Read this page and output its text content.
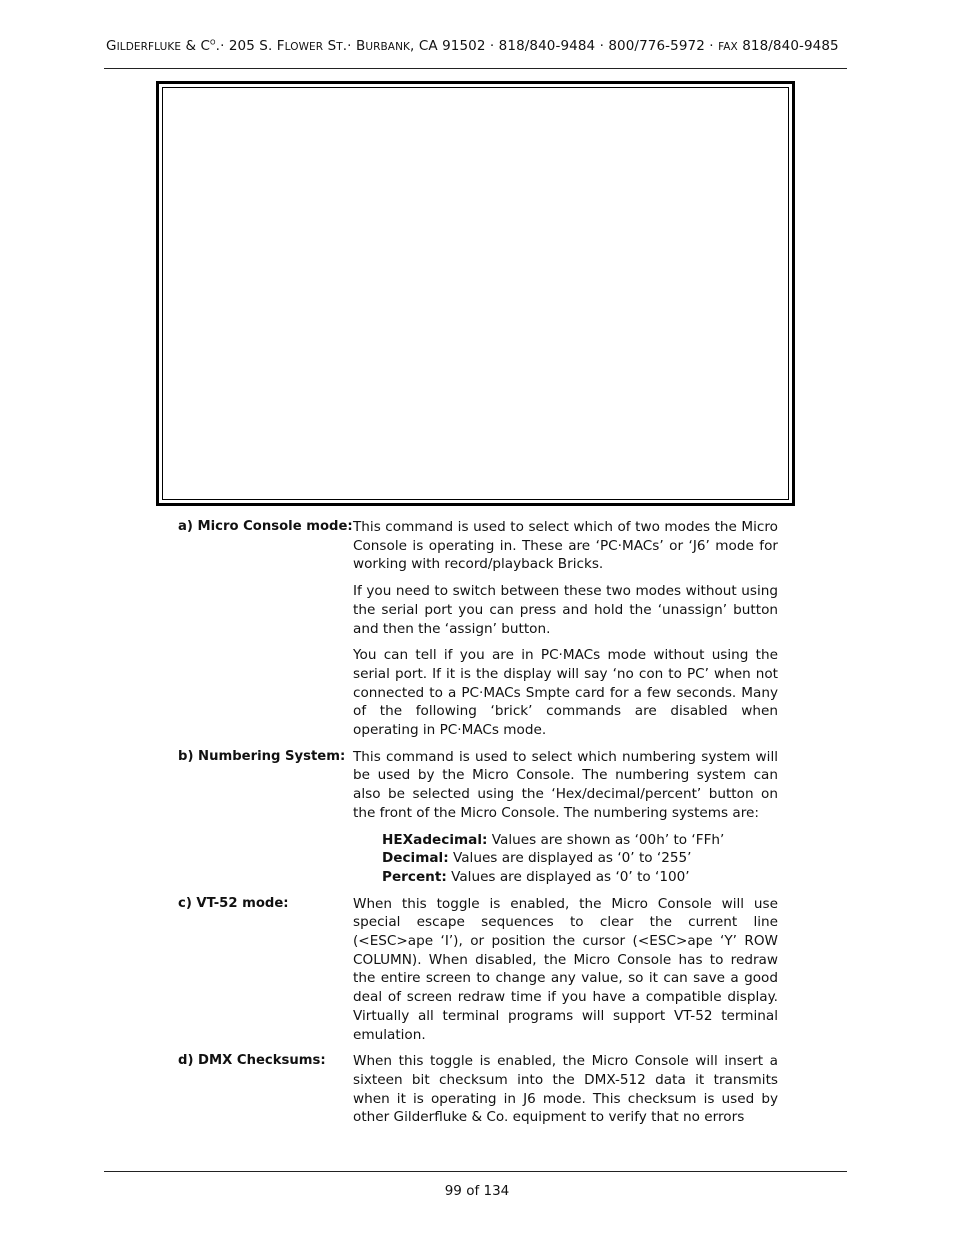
GILDERFLUKE & $C^O.\cdot 205$ S. FLOWER ST.· BURBANK, CA 91502 · 818/840-9484 · 800/776-5972 · FAX 818/840-9485
a) Micro Console mode: This command is used to select which of two modes the Micro Console is operating in. These are ‘PC·MACs’ or ‘J6’ mode for working with record/playback Bricks.

If you need to switch between these two modes without using the serial port you can press and hold the ‘unassign’ button and then the ‘assign’ button.

You can tell if you are in PC·MACs mode without using the serial port. If it is the display will say ‘no con to PC’ when not connected to a PC·MACs Smpte card for a few seconds. Many of the following ‘brick’ commands are disabled when operating in PC·MACs mode.

b) Numbering System: This command is used to select which numbering system will be used by the Micro Console. The numbering system can also be selected using the ‘Hex/decimal/percent’ button on the front of the Micro Console. The numbering systems are:

HEXadecimal: Values are shown as ‘00h’ to ‘FFh’
Decimal: Values are displayed as ‘0’ to ‘255’
Percent: Values are displayed as ‘0’ to ‘100’
c) VT-52 mode:	When this toggle is enabled, the Micro Console will use special escape sequences to clear the current line (<ESC>ape ‘I’), or position the cursor (<ESC>ape ‘Y’ ROW COLUMN). When disabled, the Micro Console has to redraw the entire screen to change any value, so it can save a good deal of screen redraw time if you have a compatible display. Virtually all terminal programs will support VT-52 terminal emulation.

d) DMX Checksums: When this toggle is enabled, the Micro Console will insert a sixteen bit checksum into the DMX-512 data it transmits when it is operating in J6 mode. This checksum is used by other Gilderfluke & Co. equipment to verify that no errors

99 of 134
